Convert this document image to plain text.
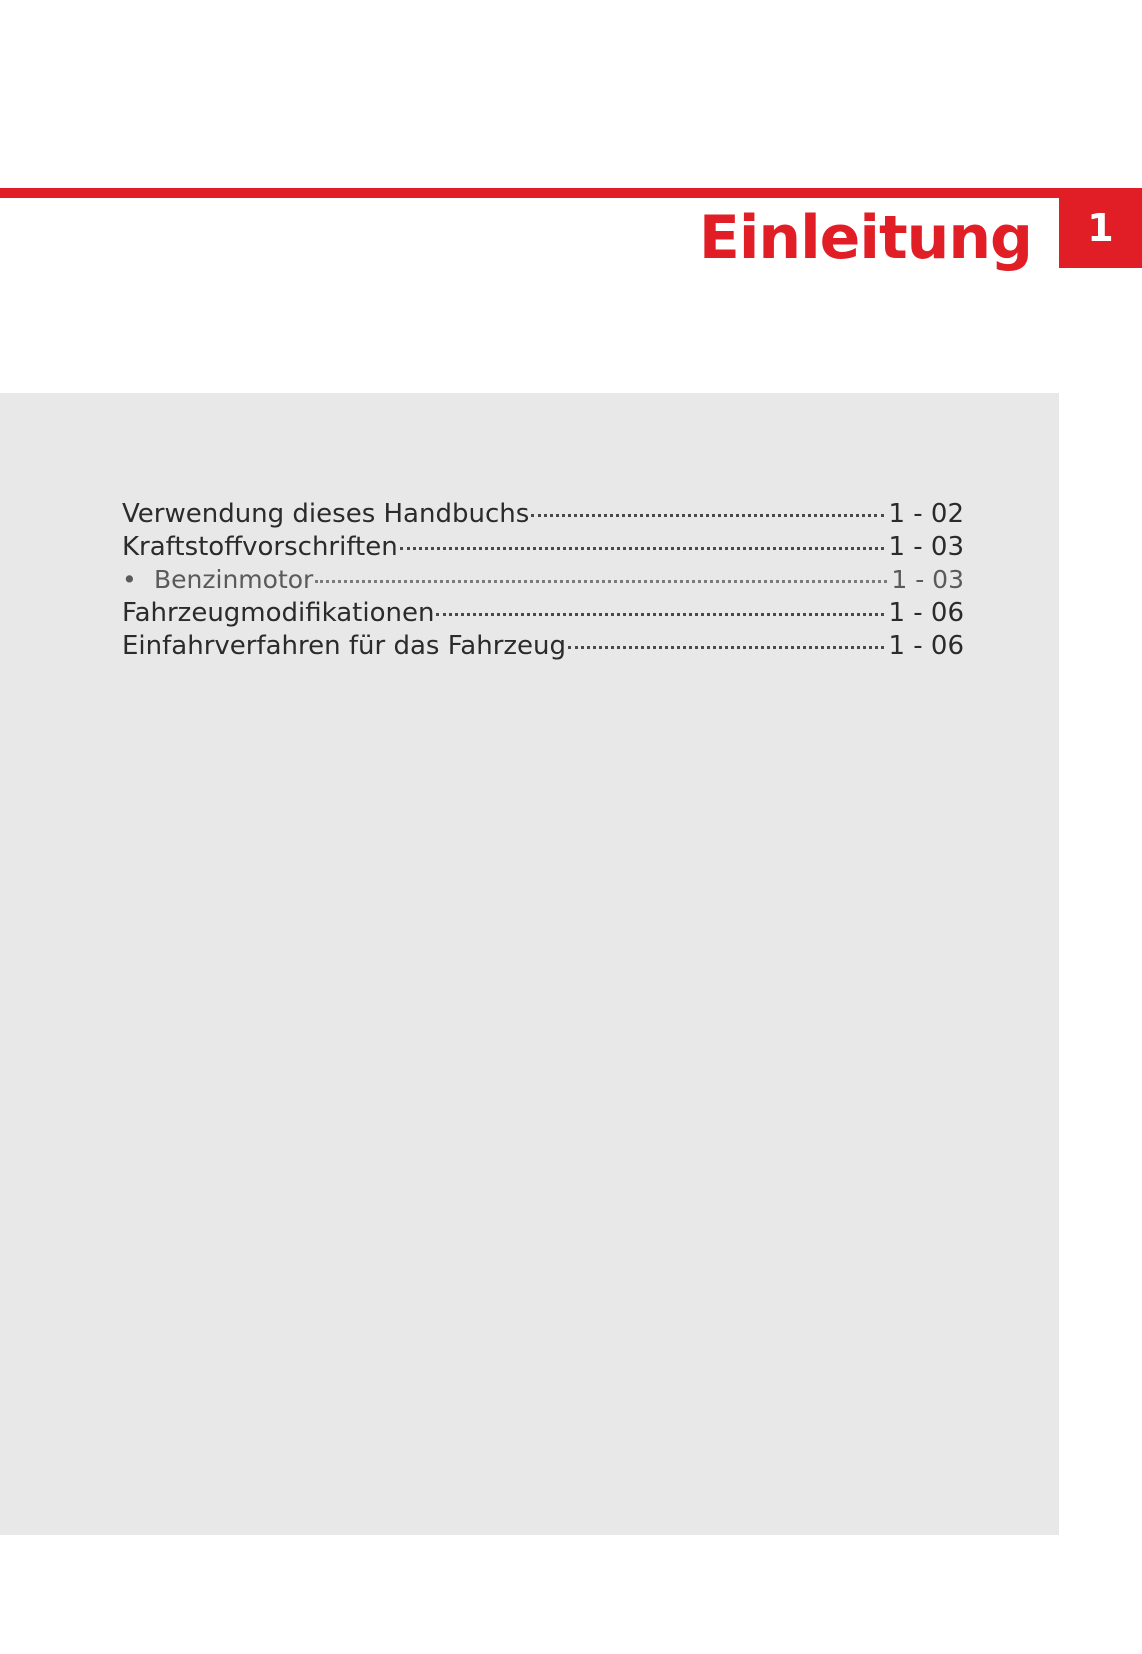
Einleitung	1
Verwendung dieses Handbuchs	1 - 02
Kraftstoffvorschriften	1 - 03
• Benzinmotor	1 - 03
Fahrzeugmodifikationen	1 - 06
Einfahrverfahren für das Fahrzeug	1 - 06
